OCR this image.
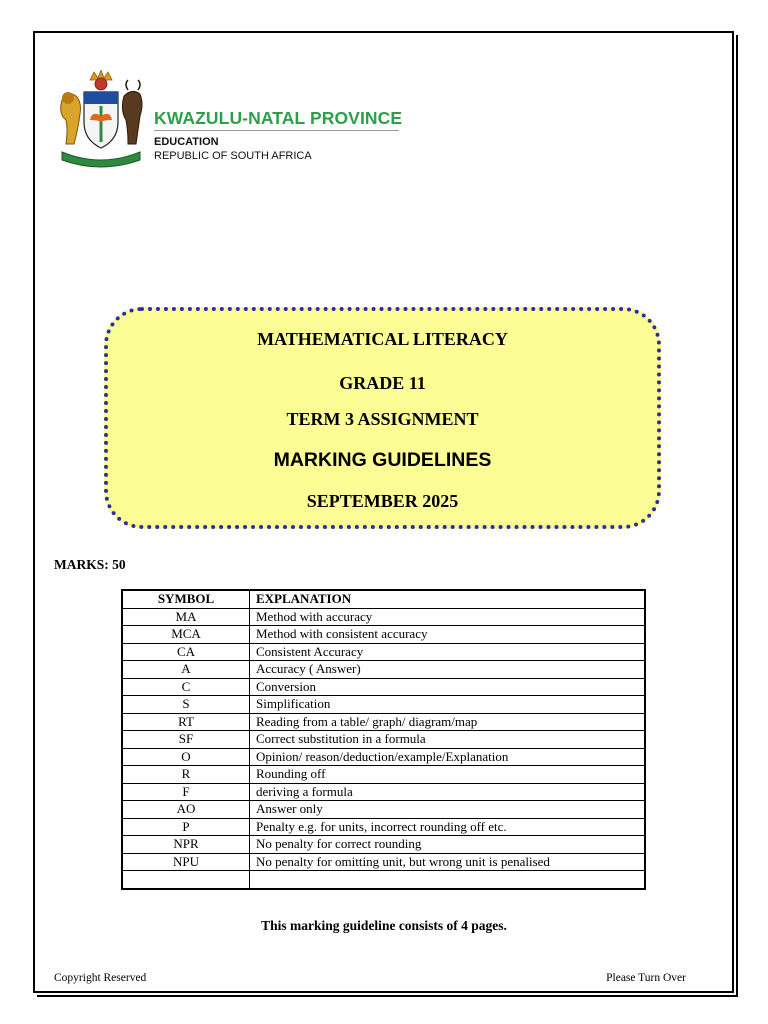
KWAZULU-NATAL PROVINCE
EDUCATION
REPUBLIC OF SOUTH AFRICA
MATHEMATICAL LITERACY
GRADE 11
TERM 3 ASSIGNMENT
MARKING GUIDELINES
SEPTEMBER 2025
MARKS: 50
SYMBOL	EXPLANATION
MA	Method with accuracy
MCA	Method with consistent accuracy
CA	Consistent Accuracy
A	Accuracy ( Answer)
C	Conversion
S	Simplification
RT	Reading from a table/ graph/ diagram/map
SF	Correct substitution in a formula
O	Opinion/ reason/deduction/example/Explanation
R	Rounding off
F	deriving a formula
AO	Answer only
P	Penalty e.g. for units, incorrect rounding off etc.
NPR	No penalty for correct rounding
NPU	No penalty for omitting unit, but wrong unit is penalised

This marking guideline consists of 4 pages.
Copyright Reserved	Please Turn Over
